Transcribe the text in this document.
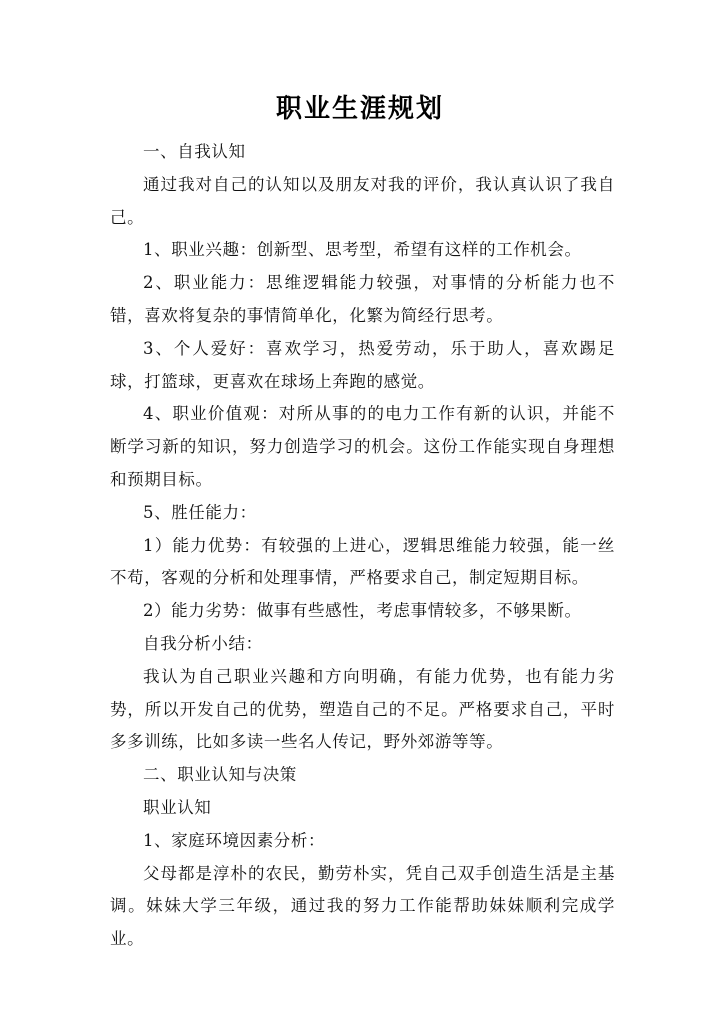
职业生涯规划

一、自我认知

通过我对自己的认知以及朋友对我的评价，我认真认识了我自己。

1、职业兴趣：创新型、思考型，希望有这样的工作机会。

2、职业能力：思维逻辑能力较强，对事情的分析能力也不错，喜欢将复杂的事情简单化，化繁为简经行思考。

3、个人爱好：喜欢学习，热爱劳动，乐于助人，喜欢踢足球，打篮球，更喜欢在球场上奔跑的感觉。

4、职业价值观：对所从事的的电力工作有新的认识，并能不断学习新的知识，努力创造学习的机会。这份工作能实现自身理想和预期目标。

5、胜任能力：

1）能力优势：有较强的上进心，逻辑思维能力较强，能一丝不苟，客观的分析和处理事情，严格要求自己，制定短期目标。

2）能力劣势：做事有些感性，考虑事情较多，不够果断。

自我分析小结：

我认为自己职业兴趣和方向明确，有能力优势，也有能力劣势，所以开发自己的优势，塑造自己的不足。严格要求自己，平时多多训练，比如多读一些名人传记，野外郊游等等。

二、职业认知与决策

职业认知

1、家庭环境因素分析：

父母都是淳朴的农民，勤劳朴实，凭自己双手创造生活是主基调。妹妹大学三年级，通过我的努力工作能帮助妹妹顺利完成学业。
